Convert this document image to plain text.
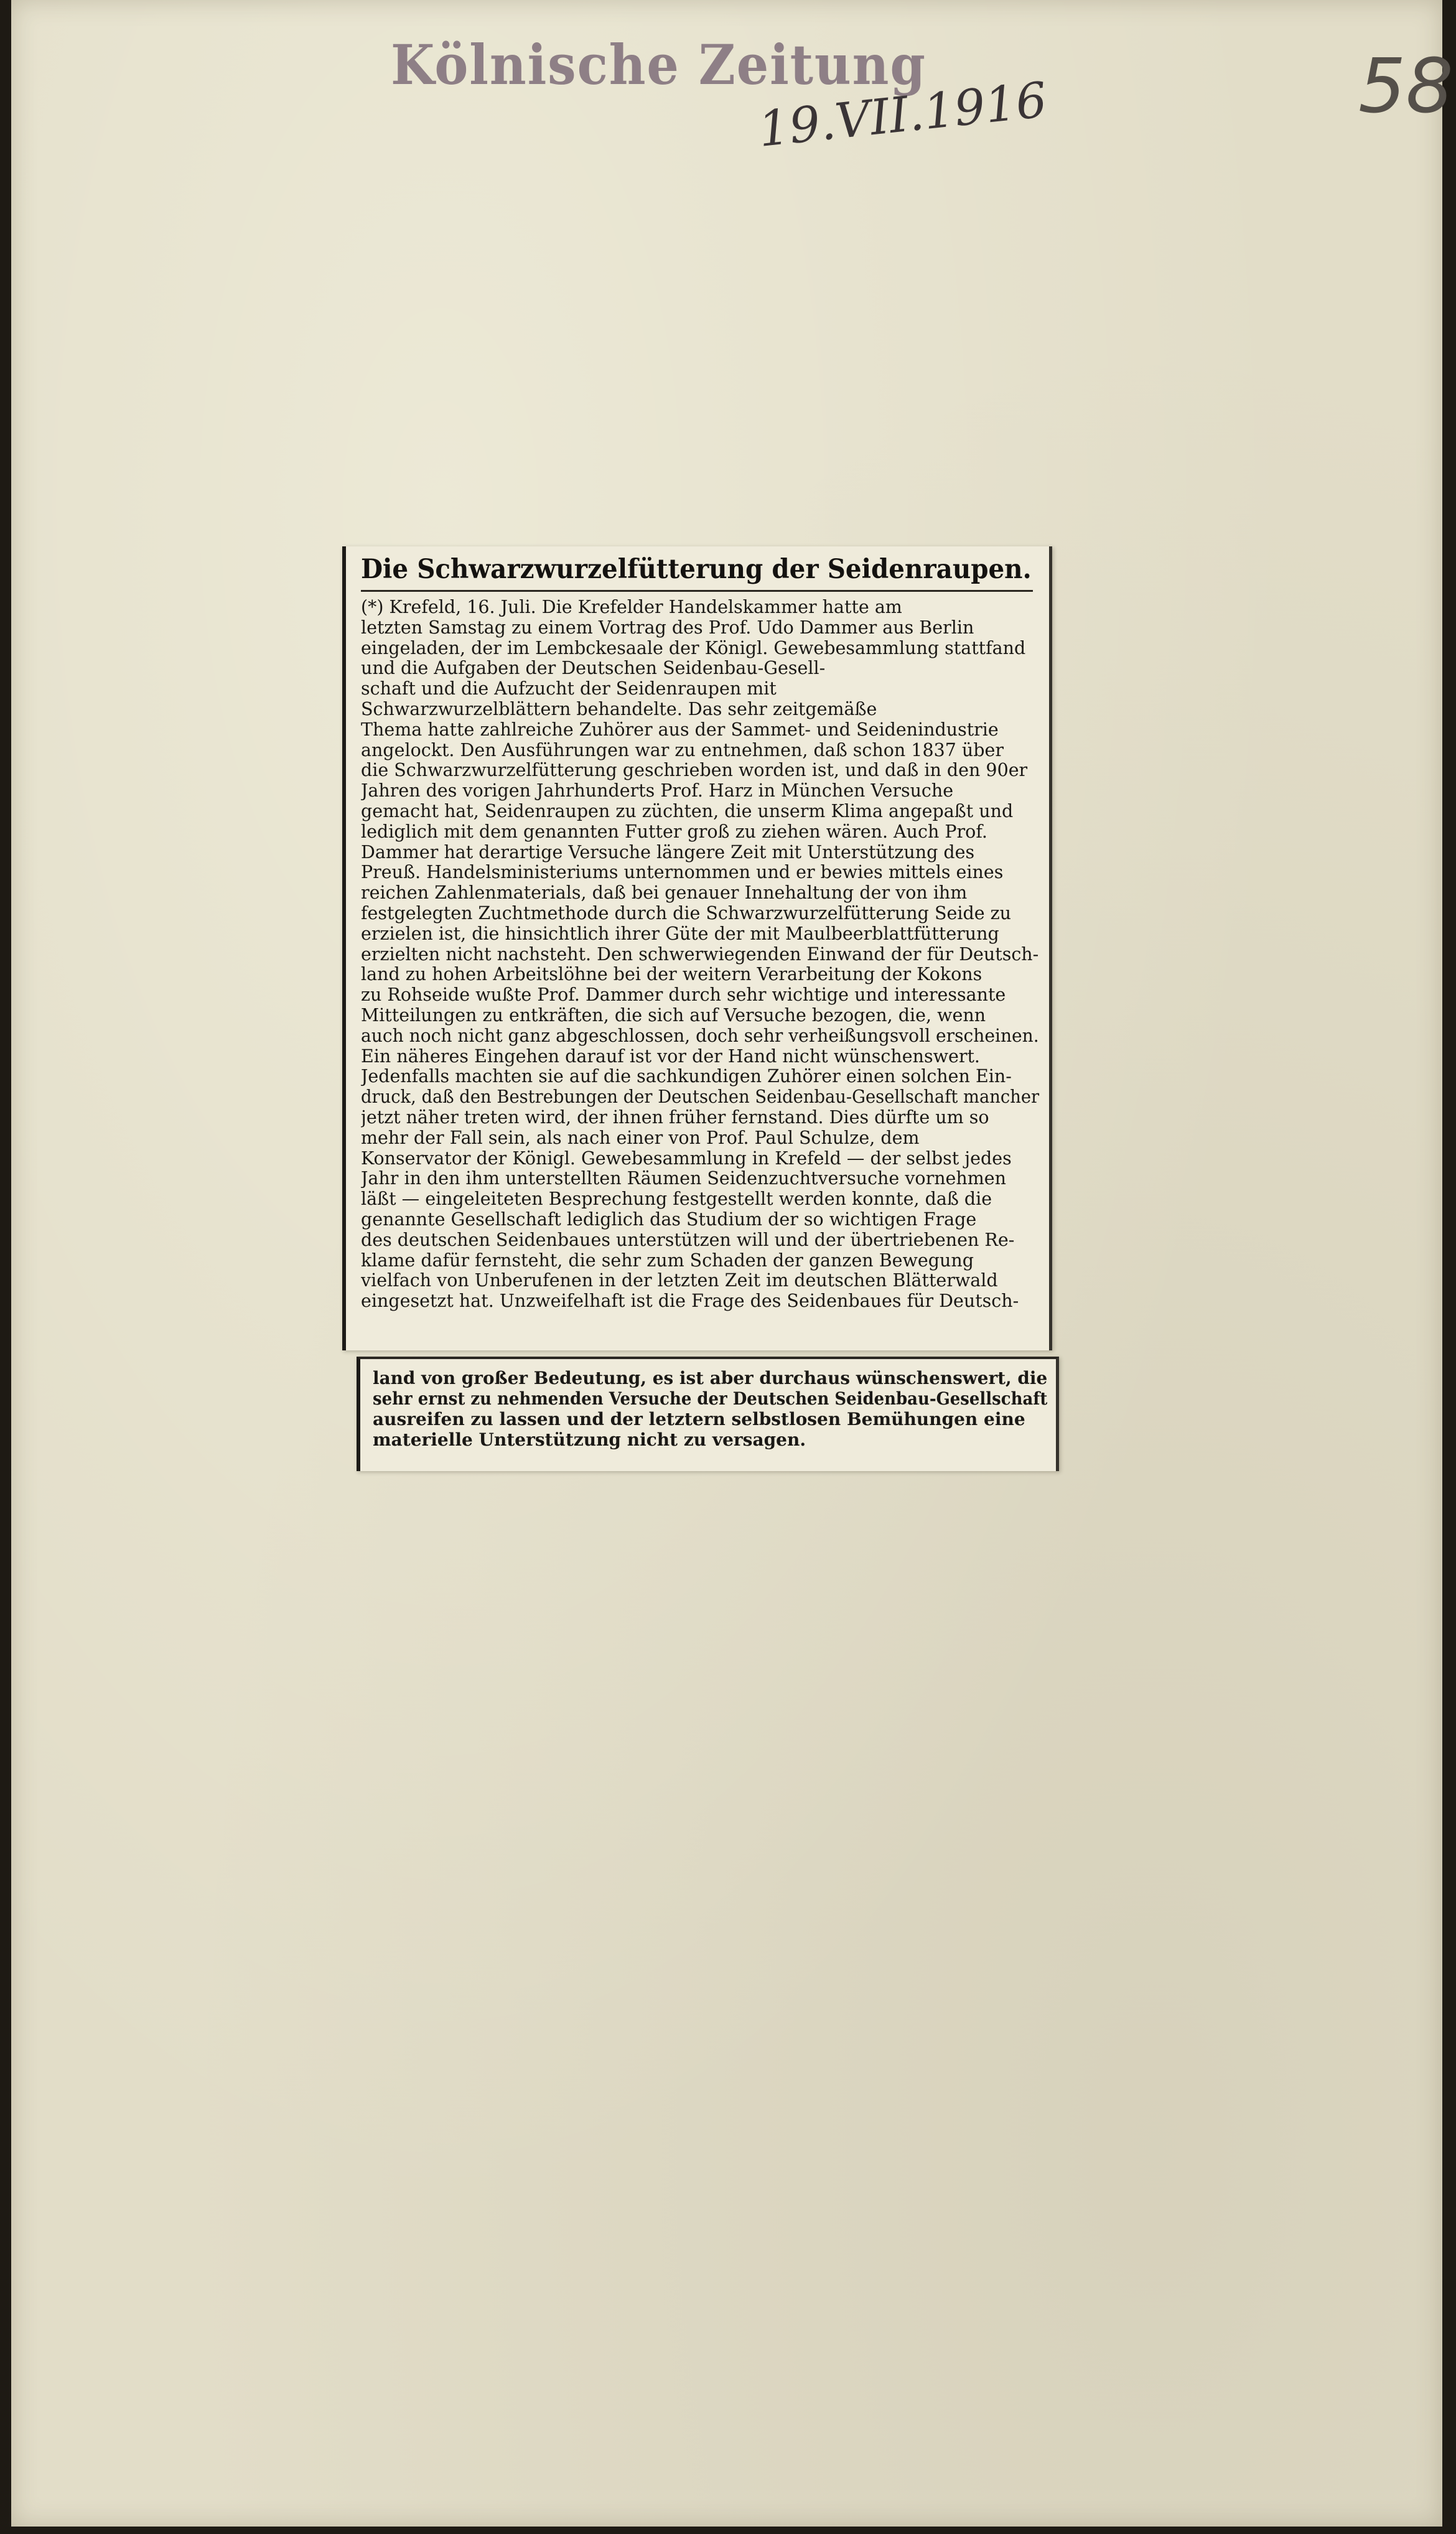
Kölnische Zeitung
19.VII.1916	58
Die Schwarzwurzelfütterung der Seidenraupen.
(*) Krefeld, 16. Juli. Die Krefelder Handelskammer hatte am
letzten Samstag zu einem Vortrag des Prof. Udo Dammer aus Berlin
eingeladen, der im Lembckesaale der Königl. Gewebesammlung stattfand
und die Aufgaben der Deutschen Seidenbau-Gesell-
schaft und die Aufzucht der Seidenraupen mit
Schwarzwurzelblättern behandelte. Das sehr zeitgemäße
Thema hatte zahlreiche Zuhörer aus der Sammet- und Seidenindustrie
angelockt. Den Ausführungen war zu entnehmen, daß schon 1837 über
die Schwarzwurzelfütterung geschrieben worden ist, und daß in den 90er
Jahren des vorigen Jahrhunderts Prof. Harz in München Versuche
gemacht hat, Seidenraupen zu züchten, die unserm Klima angepaßt und
lediglich mit dem genannten Futter groß zu ziehen wären. Auch Prof.
Dammer hat derartige Versuche längere Zeit mit Unterstützung des
Preuß. Handelsministeriums unternommen und er bewies mittels eines
reichen Zahlenmaterials, daß bei genauer Innehaltung der von ihm
festgelegten Zuchtmethode durch die Schwarzwurzelfütterung Seide zu
erzielen ist, die hinsichtlich ihrer Güte der mit Maulbeerblattfütterung
erzielten nicht nachsteht. Den schwerwiegenden Einwand der für Deutsch-
land zu hohen Arbeitslöhne bei der weitern Verarbeitung der Kokons
zu Rohseide wußte Prof. Dammer durch sehr wichtige und interessante
Mitteilungen zu entkräften, die sich auf Versuche bezogen, die, wenn
auch noch nicht ganz abgeschlossen, doch sehr verheißungsvoll erscheinen.
Ein näheres Eingehen darauf ist vor der Hand nicht wünschenswert.
Jedenfalls machten sie auf die sachkundigen Zuhörer einen solchen Ein-
druck, daß den Bestrebungen der Deutschen Seidenbau-Gesellschaft mancher
jetzt näher treten wird, der ihnen früher fernstand. Dies dürfte um so
mehr der Fall sein, als nach einer von Prof. Paul Schulze, dem
Konservator der Königl. Gewebesammlung in Krefeld — der selbst jedes
Jahr in den ihm unterstellten Räumen Seidenzuchtversuche vornehmen
läßt — eingeleiteten Besprechung festgestellt werden konnte, daß die
genannte Gesellschaft lediglich das Studium der so wichtigen Frage
des deutschen Seidenbaues unterstützen will und der übertriebenen Re-
klame dafür fernsteht, die sehr zum Schaden der ganzen Bewegung
vielfach von Unberufenen in der letzten Zeit im deutschen Blätterwald
eingesetzt hat. Unzweifelhaft ist die Frage des Seidenbaues für Deutsch-
land von großer Bedeutung, es ist aber durchaus wünschenswert, die
sehr ernst zu nehmenden Versuche der Deutschen Seidenbau-Gesellschaft
ausreifen zu lassen und der letztern selbstlosen Bemühungen eine
materielle Unterstützung nicht zu versagen.
